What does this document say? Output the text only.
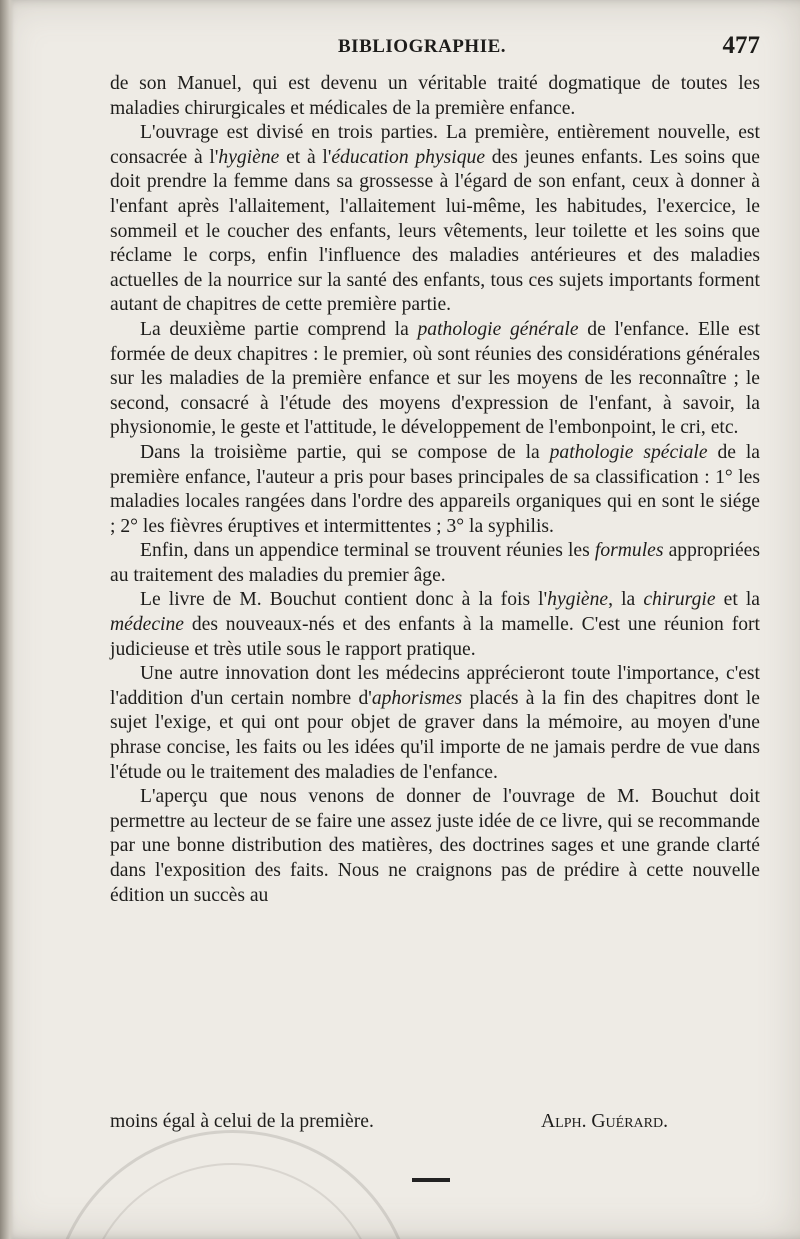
BIBLIOGRAPHIE.	477

de son Manuel, qui est devenu un véritable traité dogmatique de toutes les maladies chirurgicales et médicales de la première enfance.

L'ouvrage est divisé en trois parties. La première, entièrement nouvelle, est consacrée à l'hygiène et à l'éducation physique des jeunes enfants. Les soins que doit prendre la femme dans sa grossesse à l'égard de son enfant, ceux à donner à l'enfant après l'allaitement, l'allaitement lui-même, les habitudes, l'exercice, le sommeil et le coucher des enfants, leurs vêtements, leur toilette et les soins que réclame le corps, enfin l'influence des maladies antérieures et des maladies actuelles de la nourrice sur la santé des enfants, tous ces sujets importants forment autant de chapitres de cette première partie.

La deuxième partie comprend la pathologie générale de l'enfance. Elle est formée de deux chapitres : le premier, où sont réunies des considérations générales sur les maladies de la première enfance et sur les moyens de les reconnaître ; le second, consacré à l'étude des moyens d'expression de l'enfant, à savoir, la physionomie, le geste et l'attitude, le développement de l'embonpoint, le cri, etc.

Dans la troisième partie, qui se compose de la pathologie spéciale de la première enfance, l'auteur a pris pour bases principales de sa classification : 1° les maladies locales rangées dans l'ordre des appareils organiques qui en sont le siége ; 2° les fièvres éruptives et intermittentes ; 3° la syphilis.

Enfin, dans un appendice terminal se trouvent réunies les formules appropriées au traitement des maladies du premier âge.

Le livre de M. Bouchut contient donc à la fois l'hygiène, la chirurgie et la médecine des nouveaux-nés et des enfants à la mamelle. C'est une réunion fort judicieuse et très utile sous le rapport pratique.

Une autre innovation dont les médecins apprécieront toute l'importance, c'est l'addition d'un certain nombre d'aphorismes placés à la fin des chapitres dont le sujet l'exige, et qui ont pour objet de graver dans la mémoire, au moyen d'une phrase concise, les faits ou les idées qu'il importe de ne jamais perdre de vue dans l'étude ou le traitement des maladies de l'enfance.

L'aperçu que nous venons de donner de l'ouvrage de M. Bouchut doit permettre au lecteur de se faire une assez juste idée de ce livre, qui se recommande par une bonne distribution des matières, des doctrines sages et une grande clarté dans l'exposition des faits. Nous ne craignons pas de prédire à cette nouvelle édition un succès au

moins égal à celui de la première.	Alph. Guérard.
